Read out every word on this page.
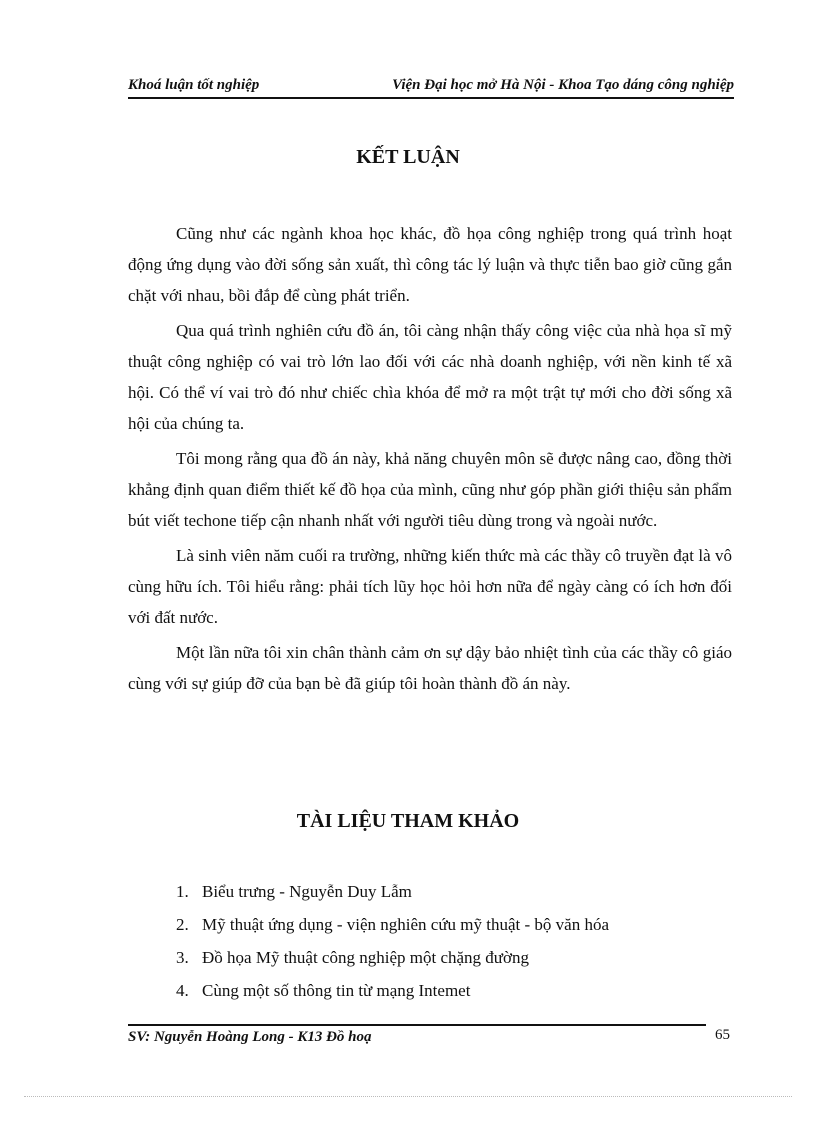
Khoá luận tốt nghiệp	Viện Đại học mở Hà Nội - Khoa Tạo dáng công nghiệp
KẾT LUẬN

Cũng như các ngành khoa học khác, đồ họa công nghiệp trong quá trình hoạt động ứng dụng vào đời sống sản xuất, thì công tác lý luận và thực tiễn bao giờ cũng gắn chặt với nhau, bồi đắp để cùng phát triển.

Qua quá trình nghiên cứu đồ án, tôi càng nhận thấy công việc của nhà họa sĩ mỹ thuật công nghiệp có vai trò lớn lao đối với các nhà doanh nghiệp, với nền kinh tế xã hội. Có thể ví vai trò đó như chiếc chìa khóa để mở ra một trật tự mới cho đời sống xã hội của chúng ta.

Tôi mong rằng qua đồ án này, khả năng chuyên môn sẽ được nâng cao, đồng thời khẳng định quan điểm thiết kế đồ họa của mình, cũng như góp phần giới thiệu sản phẩm bút viết techone tiếp cận nhanh nhất với người tiêu dùng trong và ngoài nước.

Là sinh viên năm cuối ra trường, những kiến thức mà các thầy cô truyền đạt là vô cùng hữu ích. Tôi hiểu rằng: phải tích lũy học hỏi hơn nữa để ngày càng có ích hơn đối với đất nước.

Một lần nữa tôi xin chân thành cảm ơn sự dậy bảo nhiệt tình của các thầy cô giáo cùng với sự giúp đỡ của bạn bè đã giúp tôi hoàn thành đồ án này.

TÀI LIỆU THAM KHẢO
1. Biểu trưng - Nguyễn Duy Lẫm
2. Mỹ thuật ứng dụng - viện nghiên cứu mỹ thuật - bộ văn hóa
3. Đồ họa Mỹ thuật công nghiệp một chặng đường
4. Cùng một số thông tin từ mạng Intemet
SV: Nguyễn Hoàng Long - K13 Đồ hoạ	65
